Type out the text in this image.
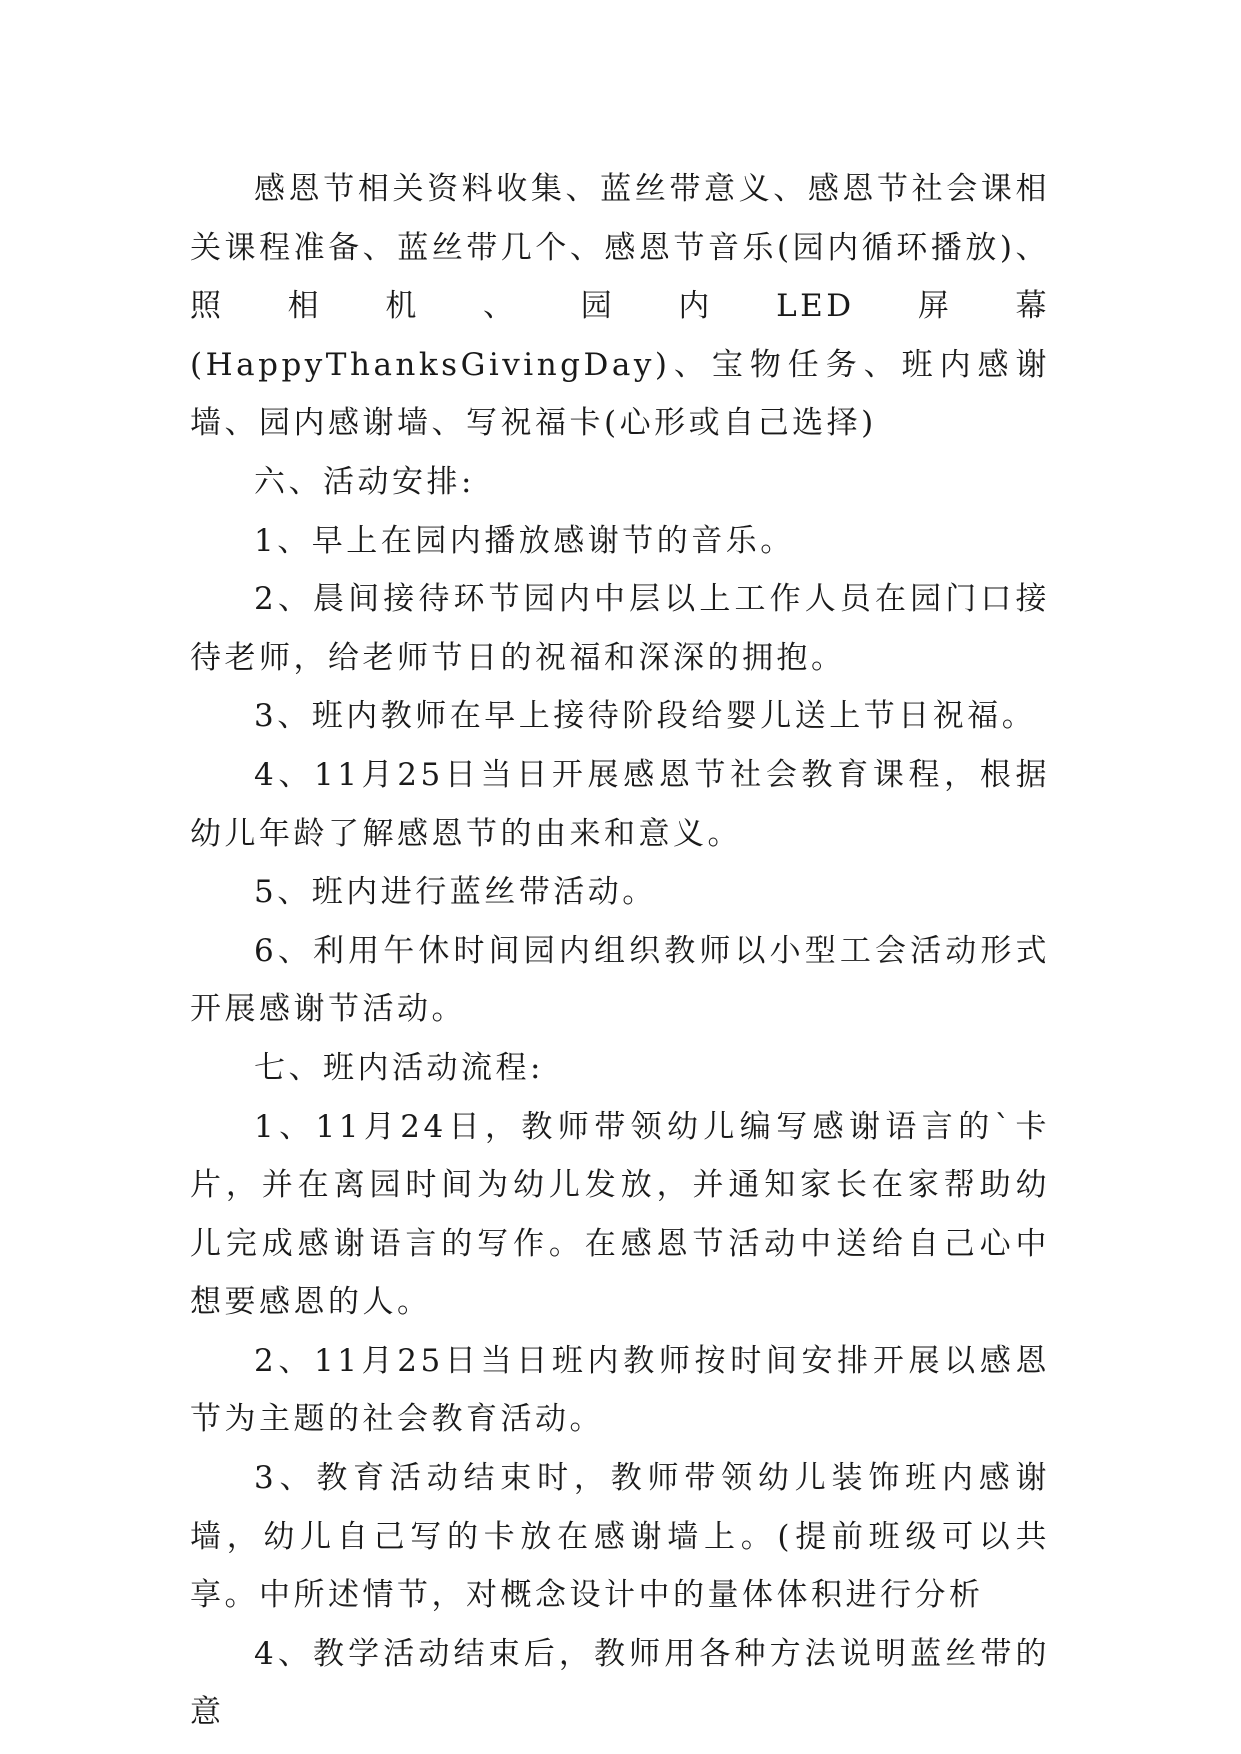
感恩节相关资料收集、蓝丝带意义、感恩节社会课相关课程准备、蓝丝带几个、感恩节音乐(园内循环播放)、照相机、园内LED屏幕(HappyThanksGivingDay)、宝物任务、班内感谢墙、园内感谢墙、写祝福卡(心形或自己选择)

六、活动安排:

1、早上在园内播放感谢节的音乐。

2、晨间接待环节园内中层以上工作人员在园门口接待老师，给老师节日的祝福和深深的拥抱。

3、班内教师在早上接待阶段给婴儿送上节日祝福。

4、11月25日当日开展感恩节社会教育课程，根据幼儿年龄了解感恩节的由来和意义。

5、班内进行蓝丝带活动。

6、利用午休时间园内组织教师以小型工会活动形式开展感谢节活动。

七、班内活动流程:

1、11月24日，教师带领幼儿编写感谢语言的`卡片，并在离园时间为幼儿发放，并通知家长在家帮助幼儿完成感谢语言的写作。在感恩节活动中送给自己心中想要感恩的人。

2、11月25日当日班内教师按时间安排开展以感恩节为主题的社会教育活动。

3、教育活动结束时，教师带领幼儿装饰班内感谢墙，幼儿自己写的卡放在感谢墙上。(提前班级可以共享。中所述情节，对概念设计中的量体体积进行分析

4、教学活动结束后，教师用各种方法说明蓝丝带的意
